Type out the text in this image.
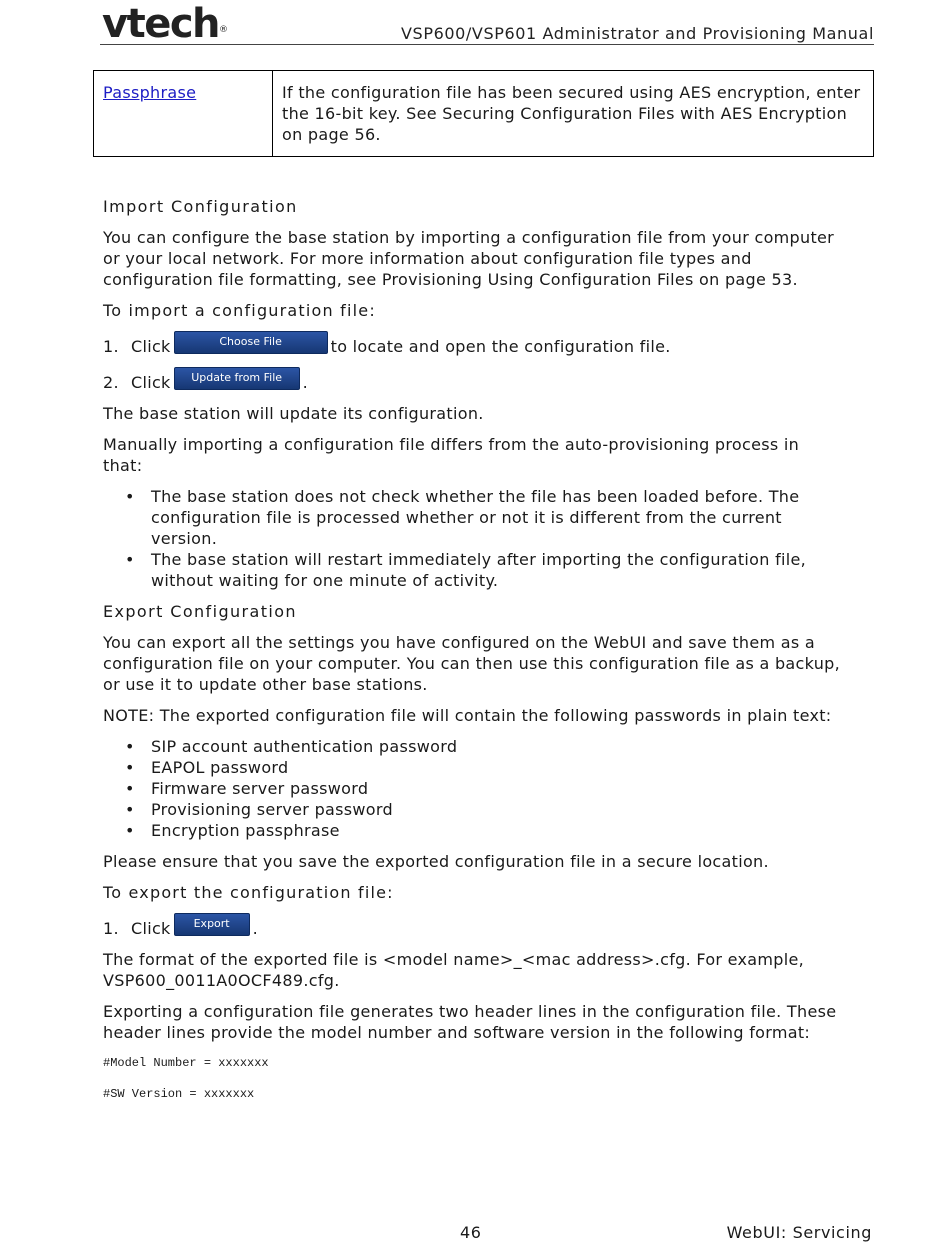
vtech®	VSP600/VSP601 Administrator and Provisioning Manual
Passphrase	If the configuration file has been secured using AES encryption, enter the 16-bit key. See Securing Configuration Files with AES Encryption on page 56.
Import Configuration

You can configure the base station by importing a configuration file from your computer or your local network. For more information about configuration file types and configuration file formatting, see Provisioning Using Configuration Files on page 53.

To import a configuration file:

1. Click	Choose File	to locate and open the configuration file.
2. Click	Update from File	.

The base station will update its configuration.

Manually importing a configuration file differs from the auto-provisioning process in that:

• The base station does not check whether the file has been loaded before. The configuration file is processed whether or not it is different from the current version.
• The base station will restart immediately after importing the configuration file, without waiting for one minute of activity.
Export Configuration

You can export all the settings you have configured on the WebUI and save them as a configuration file on your computer. You can then use this configuration file as a backup, or use it to update other base stations.

NOTE: The exported configuration file will contain the following passwords in plain text:

• SIP account authentication password
• EAPOL password
• Firmware server password
• Provisioning server password
• Encryption passphrase

Please ensure that you save the exported configuration file in a secure location.

To export the configuration file:

1. Click	Export	.

The format of the exported file is <model name>_<mac address>.cfg. For example, VSP600_0011A0OCF489.cfg.

Exporting a configuration file generates two header lines in the configuration file. These header lines provide the model number and software version in the following format:

#Model Number = xxxxxxx

#SW Version = xxxxxxx

46	WebUI: Servicing
